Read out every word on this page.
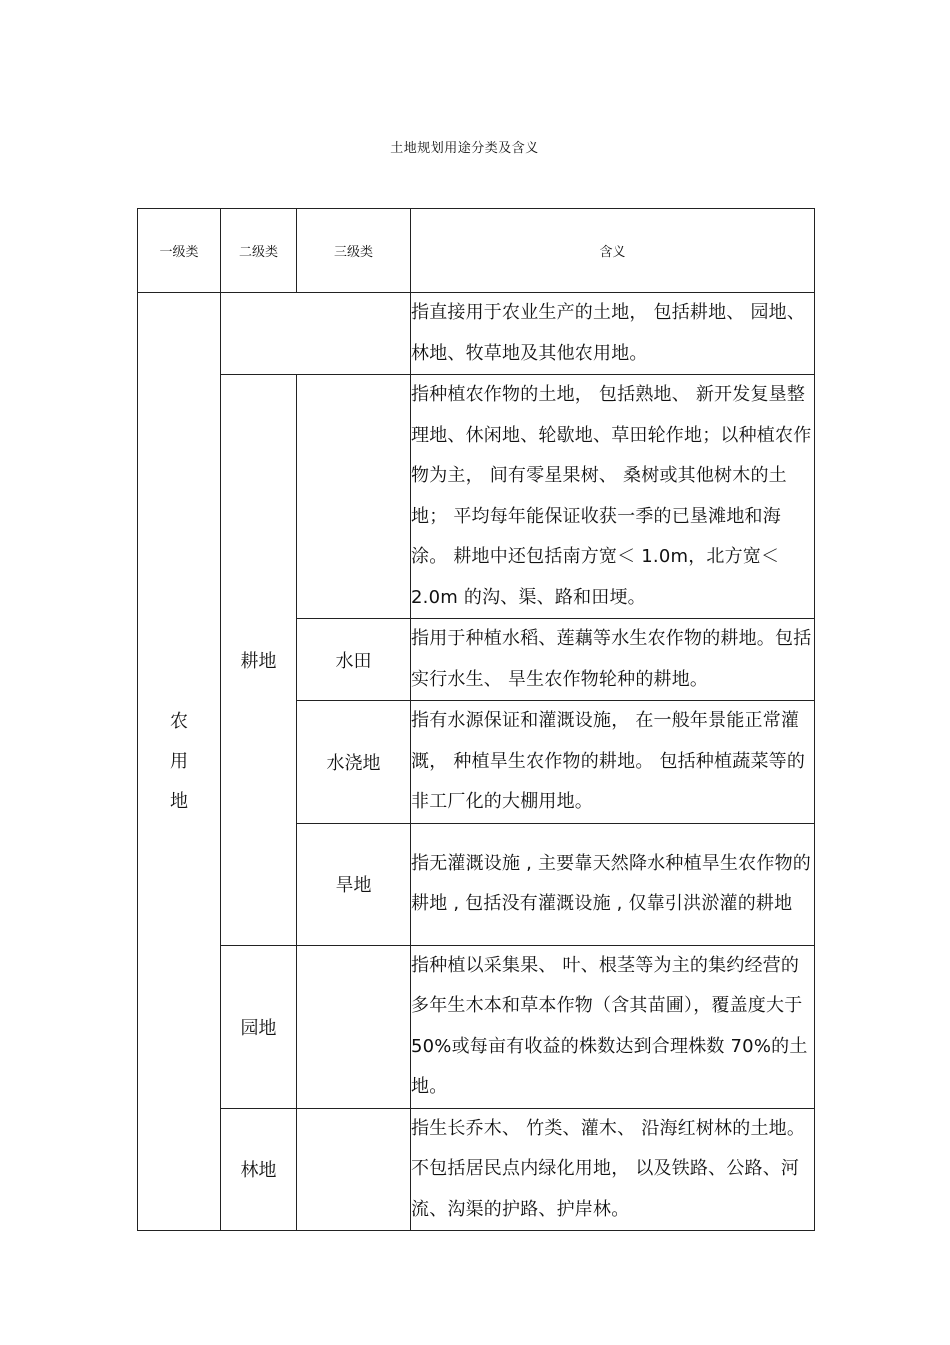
土地规划用途分类及含义
一级类	二级类	三级类	含义

农
用
地			指直接用于农业生产的土地， 包括耕地、 园地、林地、牧草地及其他农用地。

	耕地		指种植农作物的土地， 包括熟地、 新开发复垦整理地、休闲地、轮歇地、草田轮作地；以种植农作物为主， 间有零星果树、 桑树或其他树木的土地； 平均每年能保证收获一季的已垦滩地和海涂。 耕地中还包括南方宽＜ 1.0m，北方宽＜ 2.0m 的沟、渠、路和田埂。

		水田	指用于种植水稻、莲藕等水生农作物的耕地。包括实行水生、 旱生农作物轮种的耕地。

		水浇地	指有水源保证和灌溉设施， 在一般年景能正常灌溉， 种植旱生农作物的耕地。 包括种植蔬菜等的非工厂化的大棚用地。

		旱地	指无灌溉设施 , 主要靠天然降水种植旱生农作物的耕地 , 包括没有灌溉设施 , 仅靠引洪淤灌的耕地

	园地		指种植以采集果、 叶、根茎等为主的集约经营的多年生木本和草本作物（含其苗圃），覆盖度大于 50%或每亩有收益的株数达到合理株数 70%的土地。

	林地		指生长乔木、 竹类、灌木、 沿海红树林的土地。不包括居民点内绿化用地， 以及铁路、公路、河流、沟渠的护路、护岸林。
